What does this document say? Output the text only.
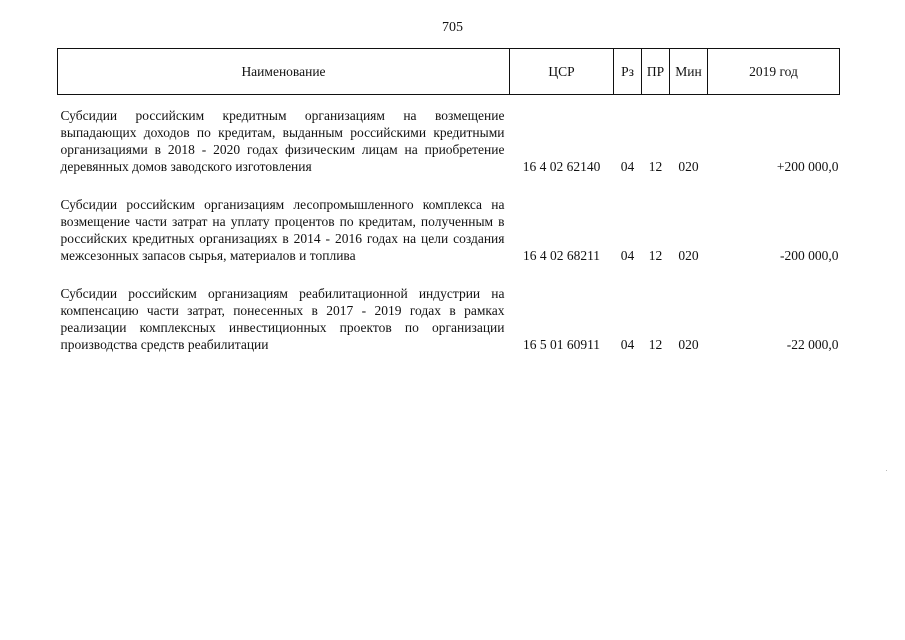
705
Наименование	ЦСР	Рз	ПР	Мин	2019 год
Субсидии российским кредитным организациям на возмещение выпадающих доходов по кредитам, выданным российскими кредитными организациями в 2018 - 2020 годах физическим лицам на приобретение деревянных домов заводского изготовления	16 4 02 62140	04	12	020	+200 000,0
Субсидии российским организациям лесопромышленного комплекса на возмещение части затрат на уплату процентов по кредитам, полученным в российских кредитных организациях в 2014 - 2016 годах на цели создания межсезонных запасов сырья, материалов и топлива	16 4 02 68211	04	12	020	-200 000,0
Субсидии российским организациям реабилитационной индустрии на компенсацию части затрат, понесенных в 2017 - 2019 годах в рамках реализации комплексных инвестиционных проектов по организации производства средств реабилитации	16 5 01 60911	04	12	020	-22 000,0
